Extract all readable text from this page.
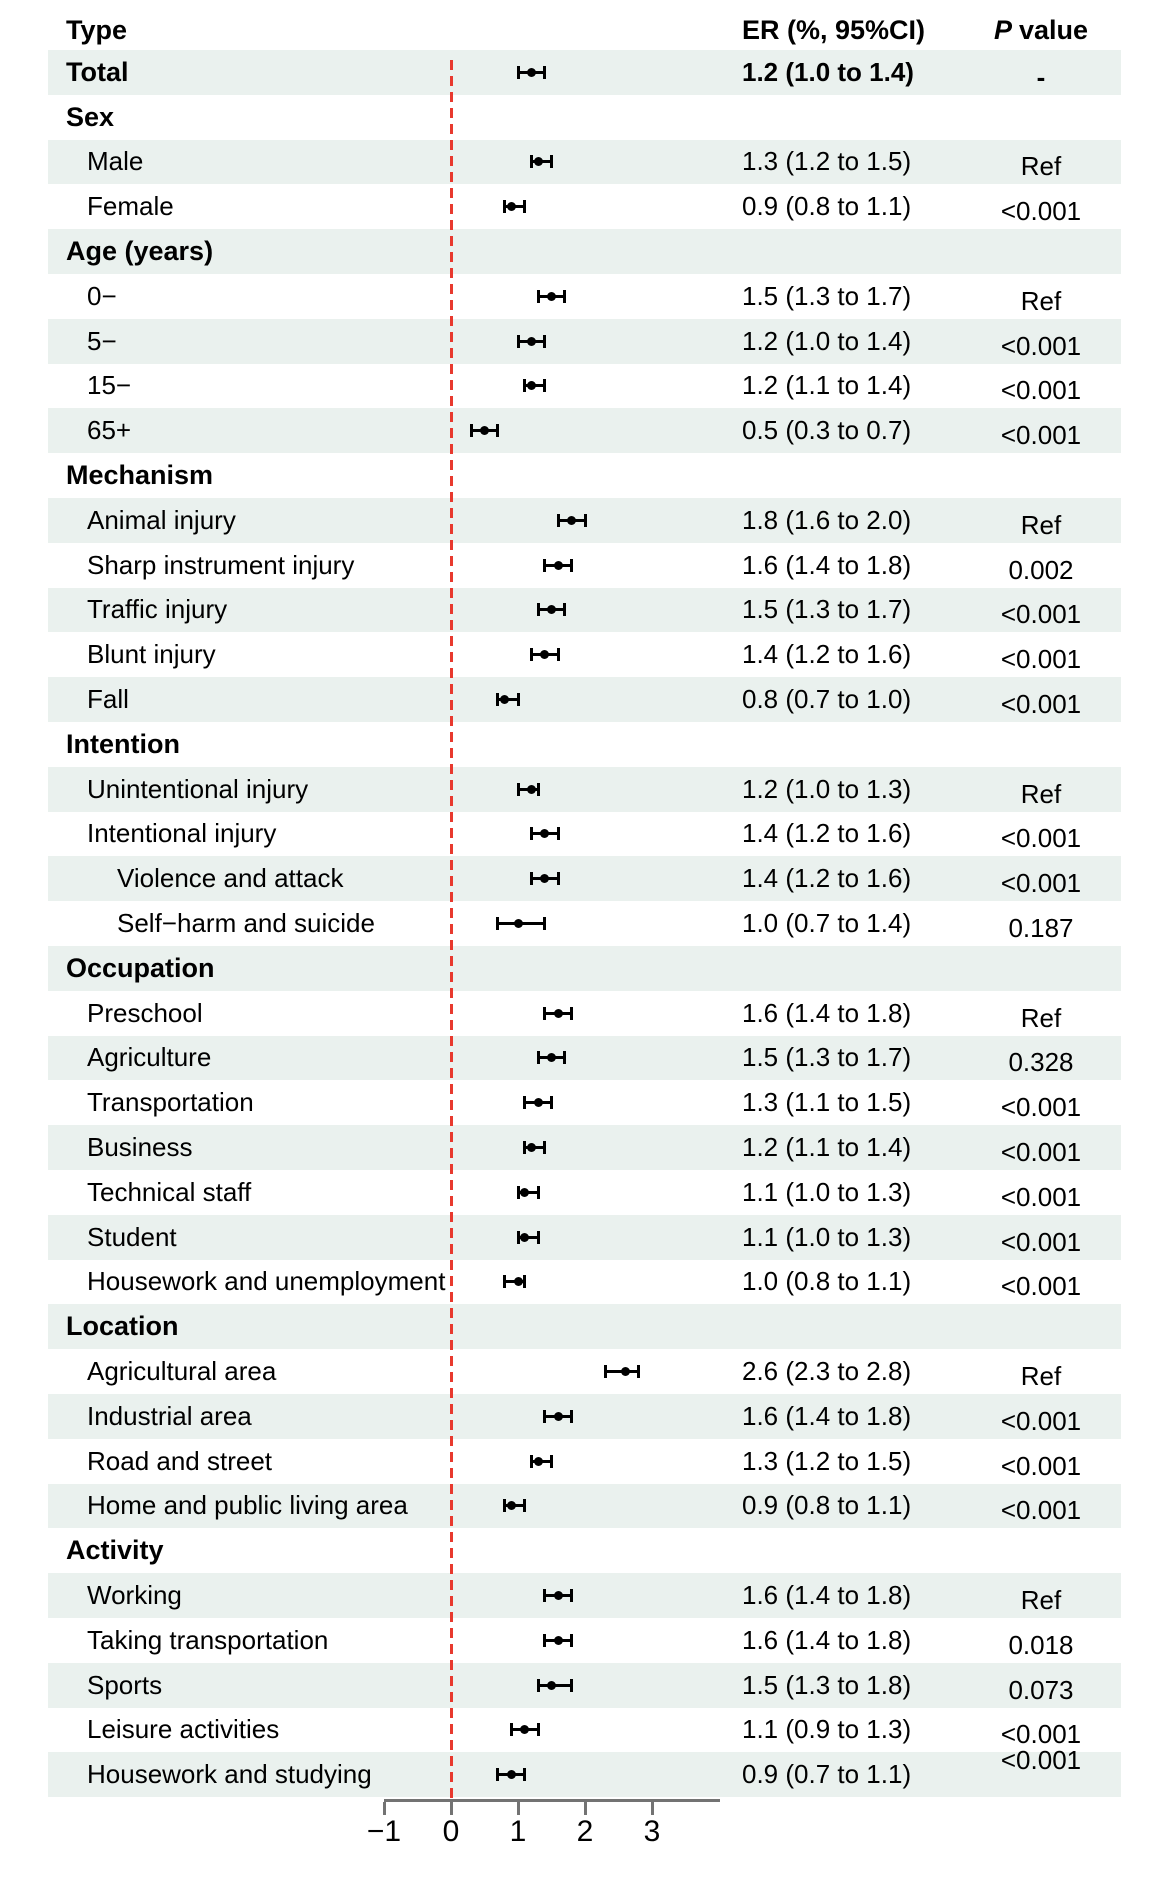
Type	ER (%, 95%CI)	P value
Total	1.2 (1.0 to 1.4)	-
Sex
Male	1.3 (1.2 to 1.5)	Ref
Female	0.9 (0.8 to 1.1)	<0.001
Age (years)
0−	1.5 (1.3 to 1.7)	Ref
5−	1.2 (1.0 to 1.4)	<0.001
15−	1.2 (1.1 to 1.4)	<0.001
65+	0.5 (0.3 to 0.7)	<0.001
Mechanism
Animal injury	1.8 (1.6 to 2.0)	Ref
Sharp instrument injury	1.6 (1.4 to 1.8)	0.002
Traffic injury	1.5 (1.3 to 1.7)	<0.001
Blunt injury	1.4 (1.2 to 1.6)	<0.001
Fall	0.8 (0.7 to 1.0)	<0.001
Intention
Unintentional injury	1.2 (1.0 to 1.3)	Ref
Intentional injury	1.4 (1.2 to 1.6)	<0.001
Violence and attack	1.4 (1.2 to 1.6)	<0.001
Self−harm and suicide	1.0 (0.7 to 1.4)	0.187
Occupation
Preschool	1.6 (1.4 to 1.8)	Ref
Agriculture	1.5 (1.3 to 1.7)	0.328
Transportation	1.3 (1.1 to 1.5)	<0.001
Business	1.2 (1.1 to 1.4)	<0.001
Technical staff	1.1 (1.0 to 1.3)	<0.001
Student	1.1 (1.0 to 1.3)	<0.001
Housework and unemployment	1.0 (0.8 to 1.1)	<0.001
Location
Agricultural area	2.6 (2.3 to 2.8)	Ref
Industrial area	1.6 (1.4 to 1.8)	<0.001
Road and street	1.3 (1.2 to 1.5)	<0.001
Home and public living area	0.9 (0.8 to 1.1)	<0.001
Activity
Working	1.6 (1.4 to 1.8)	Ref
Taking transportation	1.6 (1.4 to 1.8)	0.018
Sports	1.5 (1.3 to 1.8)	0.073
Leisure activities	1.1 (0.9 to 1.3)	<0.001
Housework and studying	0.9 (0.7 to 1.1)	<0.001
−1	0	1	2	3
